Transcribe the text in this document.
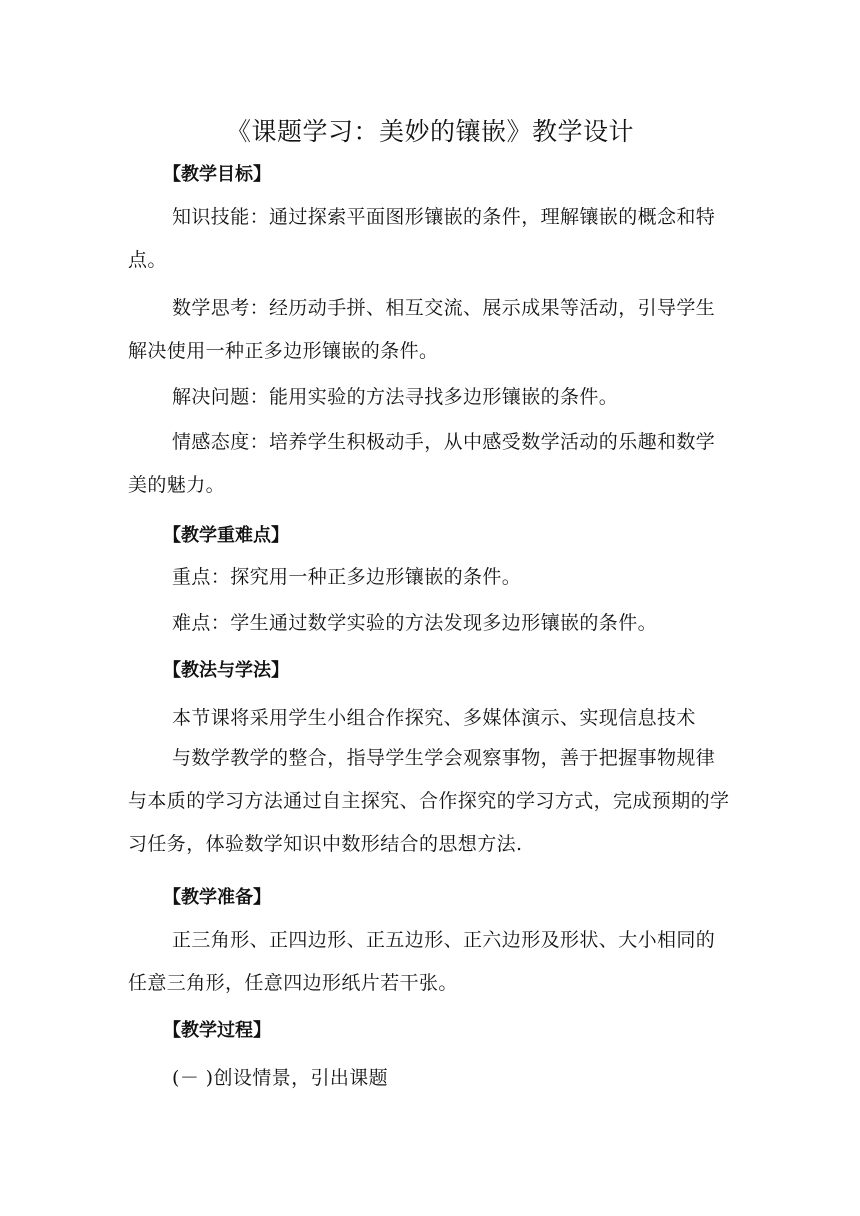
《课题学习：美妙的镶嵌》教学设计
【教学目标】
知识技能：通过探索平面图形镶嵌的条件，理解镶嵌的概念和特点。
数学思考：经历动手拼、相互交流、展示成果等活动，引导学生解决使用一种正多边形镶嵌的条件。
解决问题：能用实验的方法寻找多边形镶嵌的条件。
情感态度：培养学生积极动手，从中感受数学活动的乐趣和数学美的魅力。
【教学重难点】
重点：探究用一种正多边形镶嵌的条件。
难点：学生通过数学实验的方法发现多边形镶嵌的条件。
【教法与学法】
本节课将采用学生小组合作探究、多媒体演示、实现信息技术
与数学教学的整合，指导学生学会观察事物，善于把握事物规律与本质的学习方法通过自主探究、合作探究的学习方式，完成预期的学习任务，体验数学知识中数形结合的思想方法.
【教学准备】
正三角形、正四边形、正五边形、正六边形及形状、大小相同的任意三角形，任意四边形纸片若干张。
【教学过程】
(－ )创设情景，引出课题
